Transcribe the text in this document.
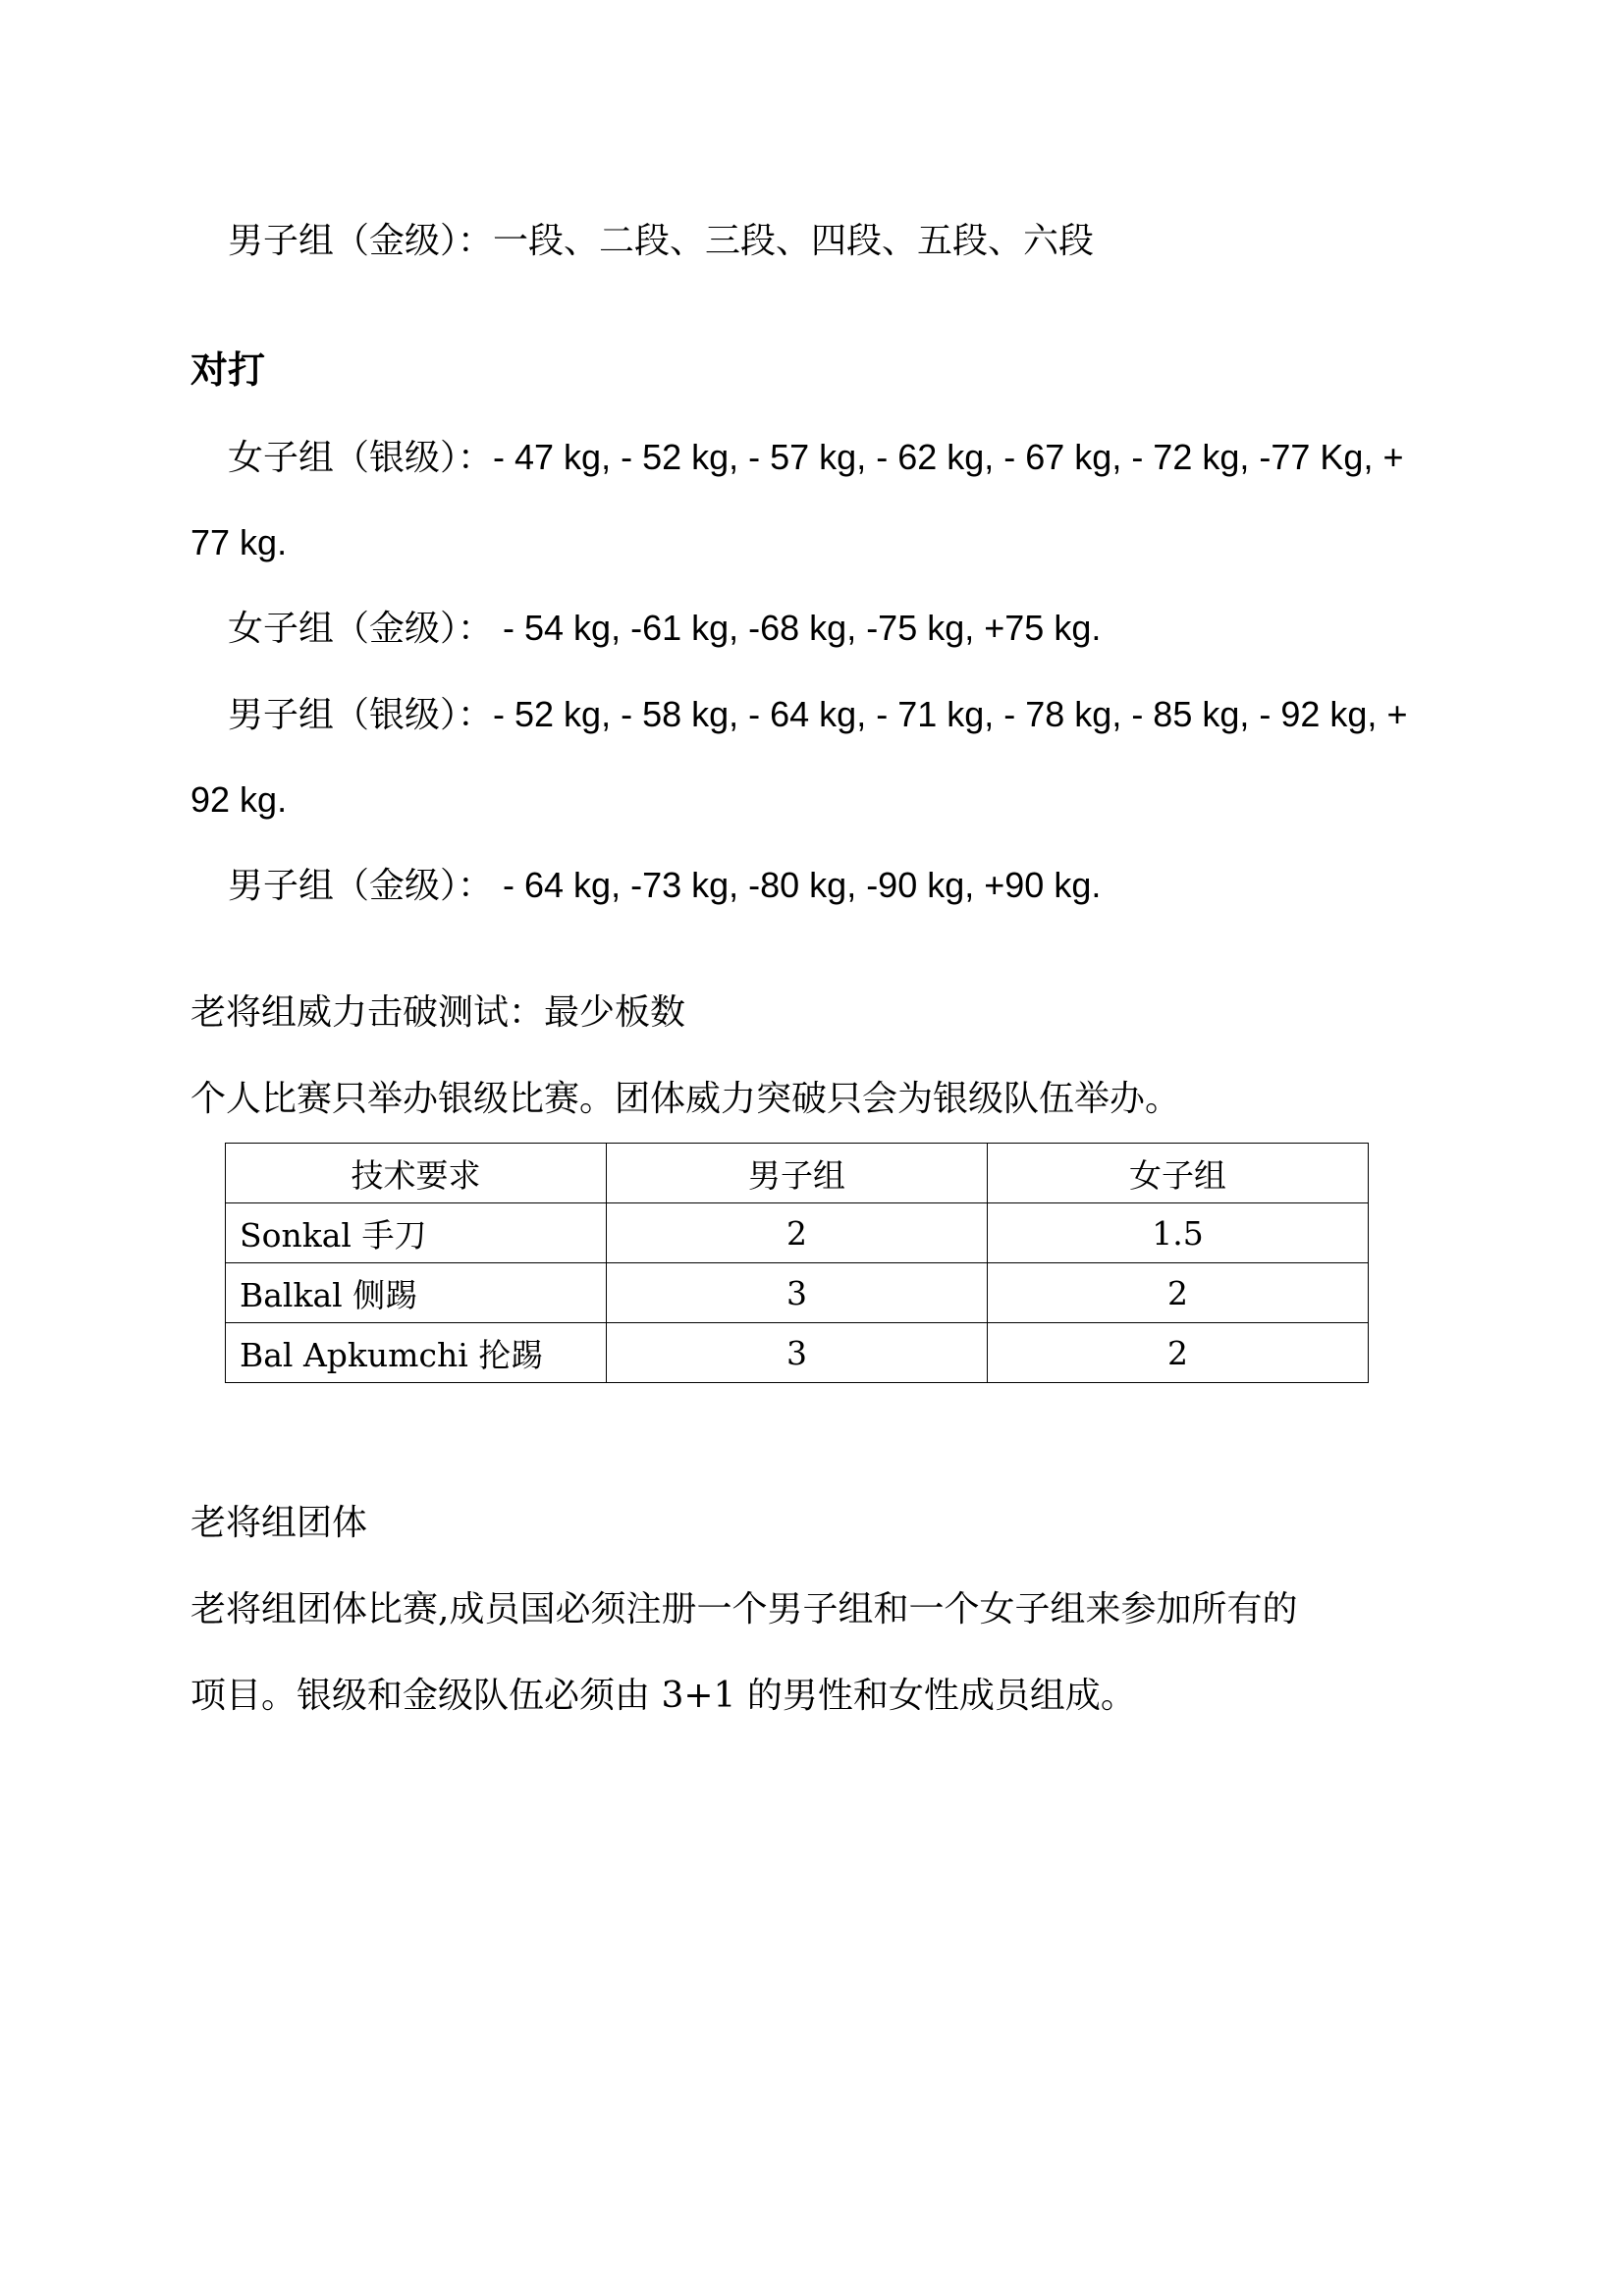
男子组（金级）：一段、二段、三段、四段、五段、六段
对打
女子组（银级）：- 47 kg, - 52 kg, - 57 kg, - 62 kg, - 67 kg, - 72 kg, -77 Kg, +
77 kg.
女子组（金级）： - 54 kg, -61 kg, -68 kg, -75 kg, +75 kg.
男子组（银级）：- 52 kg, - 58 kg, - 64 kg, - 71 kg, - 78 kg, - 85 kg, - 92 kg, +
92 kg.
男子组（金级）： - 64 kg, -73 kg, -80 kg, -90 kg, +90 kg.
老将组威力击破测试：最少板数
个人比赛只举办银级比赛。团体威力突破只会为银级队伍举办。
技术要求	男子组	女子组
Sonkal 手刀	2	1.5
Balkal 侧踢	3	2
Bal Apkumchi 抡踢	3	2
老将组团体
老将组团体比赛,成员国必须注册一个男子组和一个女子组来参加所有的
项目。银级和金级队伍必须由 3+1 的男性和女性成员组成。
